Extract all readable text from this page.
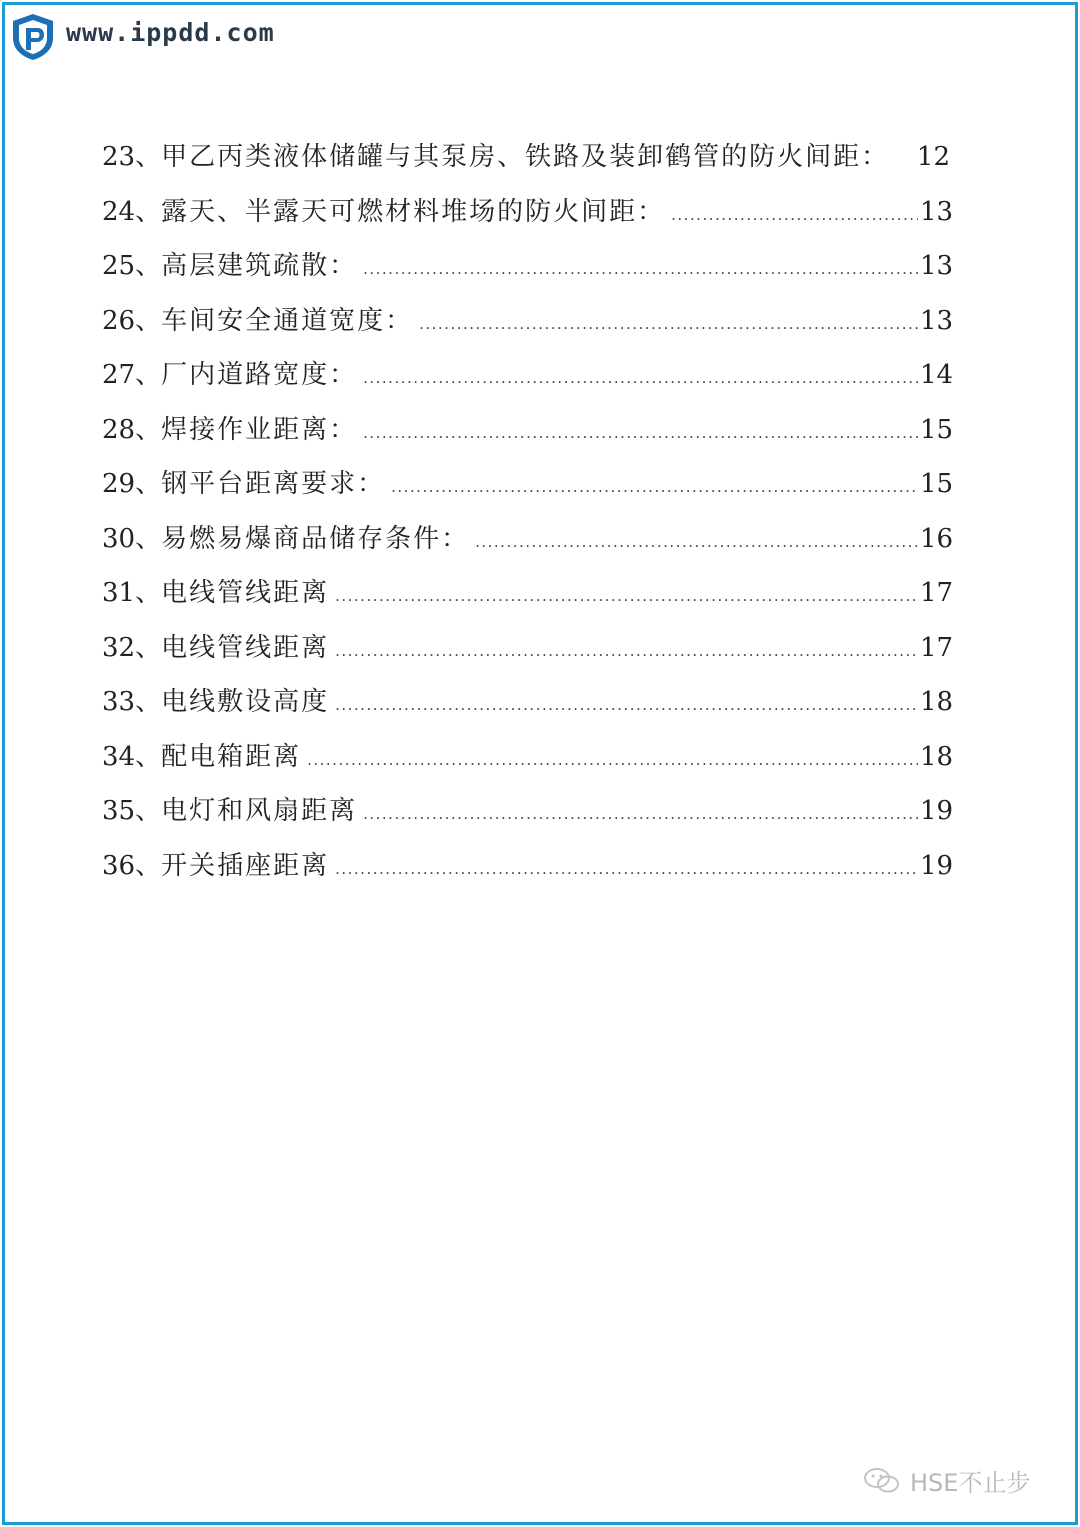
www.ippdd.com
23、 甲乙丙类液体储罐与其泵房、铁路及装卸鹤管的防火间距： 12
24、 露天、半露天可燃材料堆场的防火间距： .....	13
25、 高层建筑疏散： .....	13
26、 车间安全通道宽度： .....	13
27、 厂内道路宽度： .....	14
28、 焊接作业距离： .....	15
29、 钢平台距离要求： .....	15
30、 易燃易爆商品储存条件： .....	16
31、 电线管线距离 .....	17
32、 电线管线距离 .....	17
33、 电线敷设高度 .....	18
34、 配电箱距离 .....	18
35、 电灯和风扇距离 .....	19
36、 开关插座距离 .....	19
HSE不止步
